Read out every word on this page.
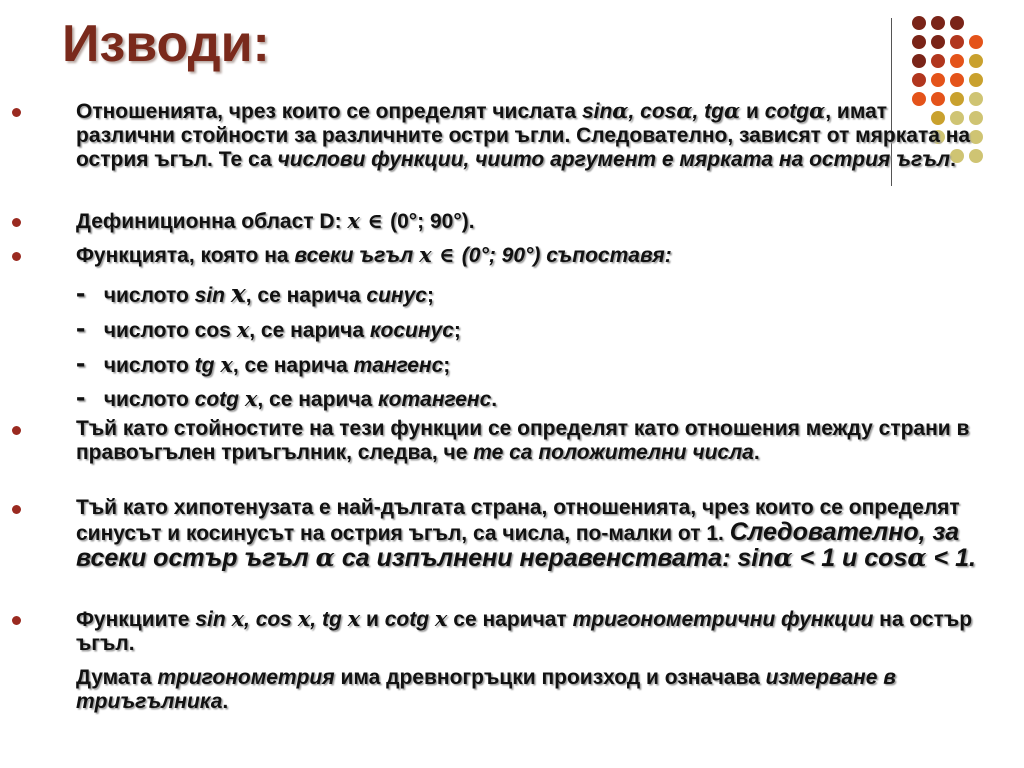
Изводи:
Отношенията, чрез които се определят числата sinα, cosα, tgα и cotgα, имат различни стойности за различните остри ъгли. Следователно, зависят от мярката на острия ъгъл. Те са числови функции, чиито аргумент е мярката на острия ъгъл.
Дефиниционна област D: x ∈ (0°; 90°).
Функцията, която на всеки ъгъл x ∈ (0°; 90°) съпоставя:
- числото sin x, се нарича синус;
- числото cos x, се нарича косинус;
- числото tg x, се нарича тангенс;
- числото cotg x, се нарича котангенс.
Тъй като стойностите на тези функции се определят като отношения между страни в правоъгълен триъгълник, следва, че те са положителни числа.
Тъй като хипотенузата е най-дългата страна, отношенията, чрез които се определят синусът и косинусът на острия ъгъл, са числа, по-малки от 1. Следователно, за всеки остър ъгъл α са изпълнени неравенствата: sinα < 1 и cosα < 1.
Функциите sin x, cos x, tg x и cotg x се наричат тригонометрични функции на остър ъгъл.
Думата тригонометрия има древногръцки произход и означава измерване в триъгълника.
